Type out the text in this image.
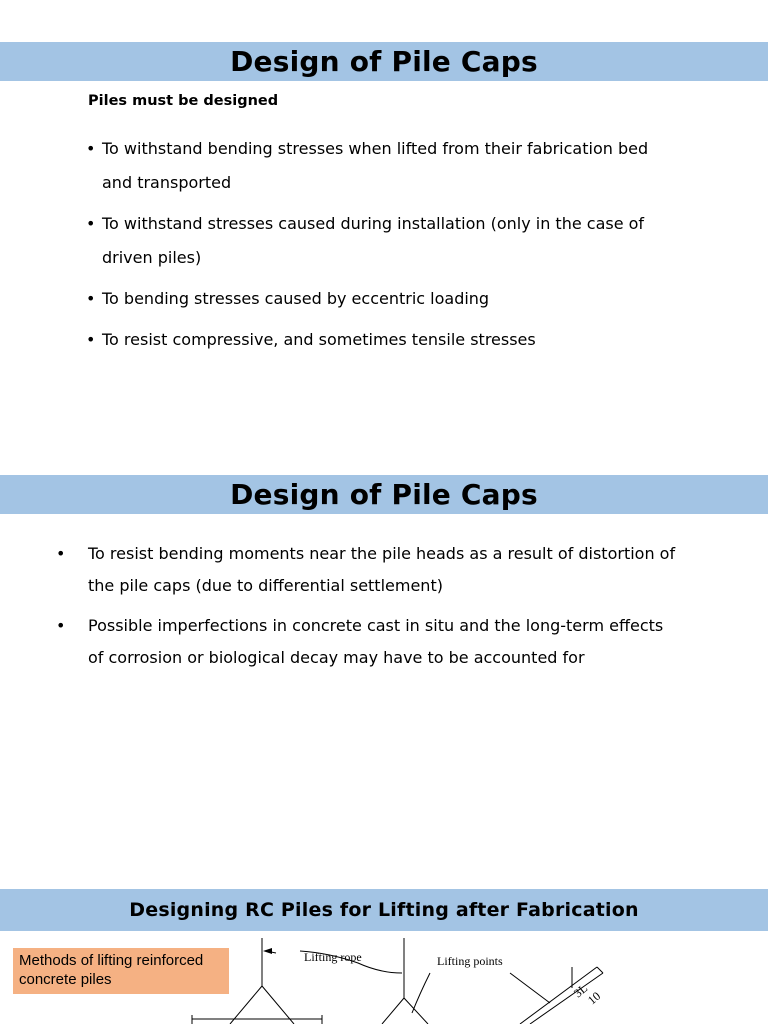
Design of Pile Caps
Piles must be designed
• To withstand bending stresses when lifted from their fabrication bed and transported
• To withstand stresses caused during installation (only in the case of driven piles)
• To bending stresses caused by eccentric loading
• To resist compressive, and sometimes tensile stresses
Design of Pile Caps
• To resist bending moments near the pile heads as a result of distortion of the pile caps (due to differential settlement)
• Possible imperfections in concrete cast in situ and the long-term effects of corrosion or biological decay may have to be accounted for
Designing RC Piles for Lifting after Fabrication
Methods of lifting reinforced concrete piles
Lifting rope	Lifting points
3L
10
